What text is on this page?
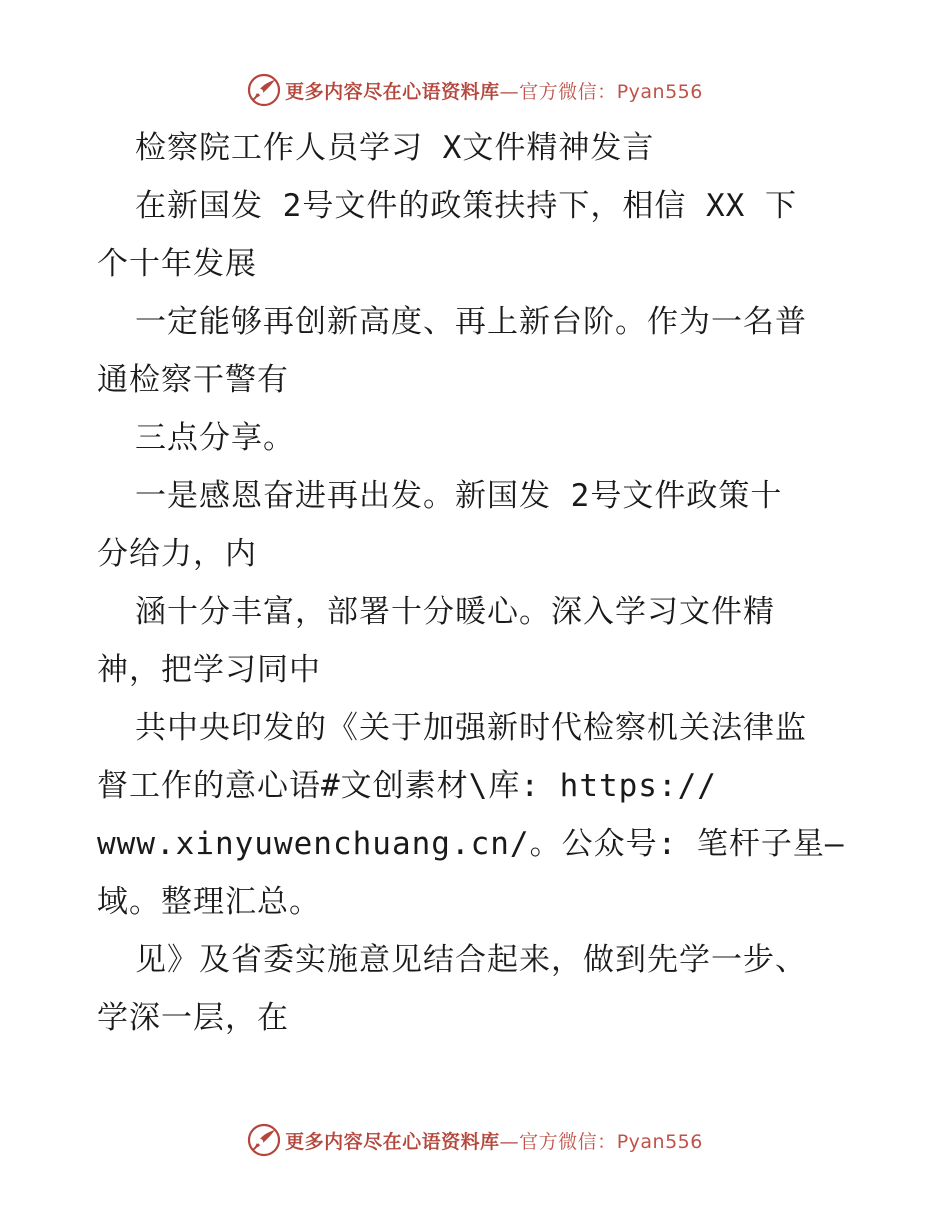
更多内容尽在心语资料库—官方微信：Pyan556
检察院工作人员学习 X文件精神发言
在新国发 2号文件的政策扶持下，相信 XX 下
个十年发展
一定能够再创新高度、再上新台阶。作为一名普
通检察干警有
三点分享。
一是感恩奋进再出发。新国发 2号文件政策十
分给力，内
涵十分丰富，部署十分暖心。深入学习文件精
神，把学习同中
共中央印发的《关于加强新时代检察机关法律监
督工作的意心语#文创素材\库: https://
www.xinyuwenchuang.cn/。公众号: 笔杆子星—
域。整理汇总。
见》及省委实施意见结合起来，做到先学一步、
学深一层，在
更多内容尽在心语资料库—官方微信：Pyan556
